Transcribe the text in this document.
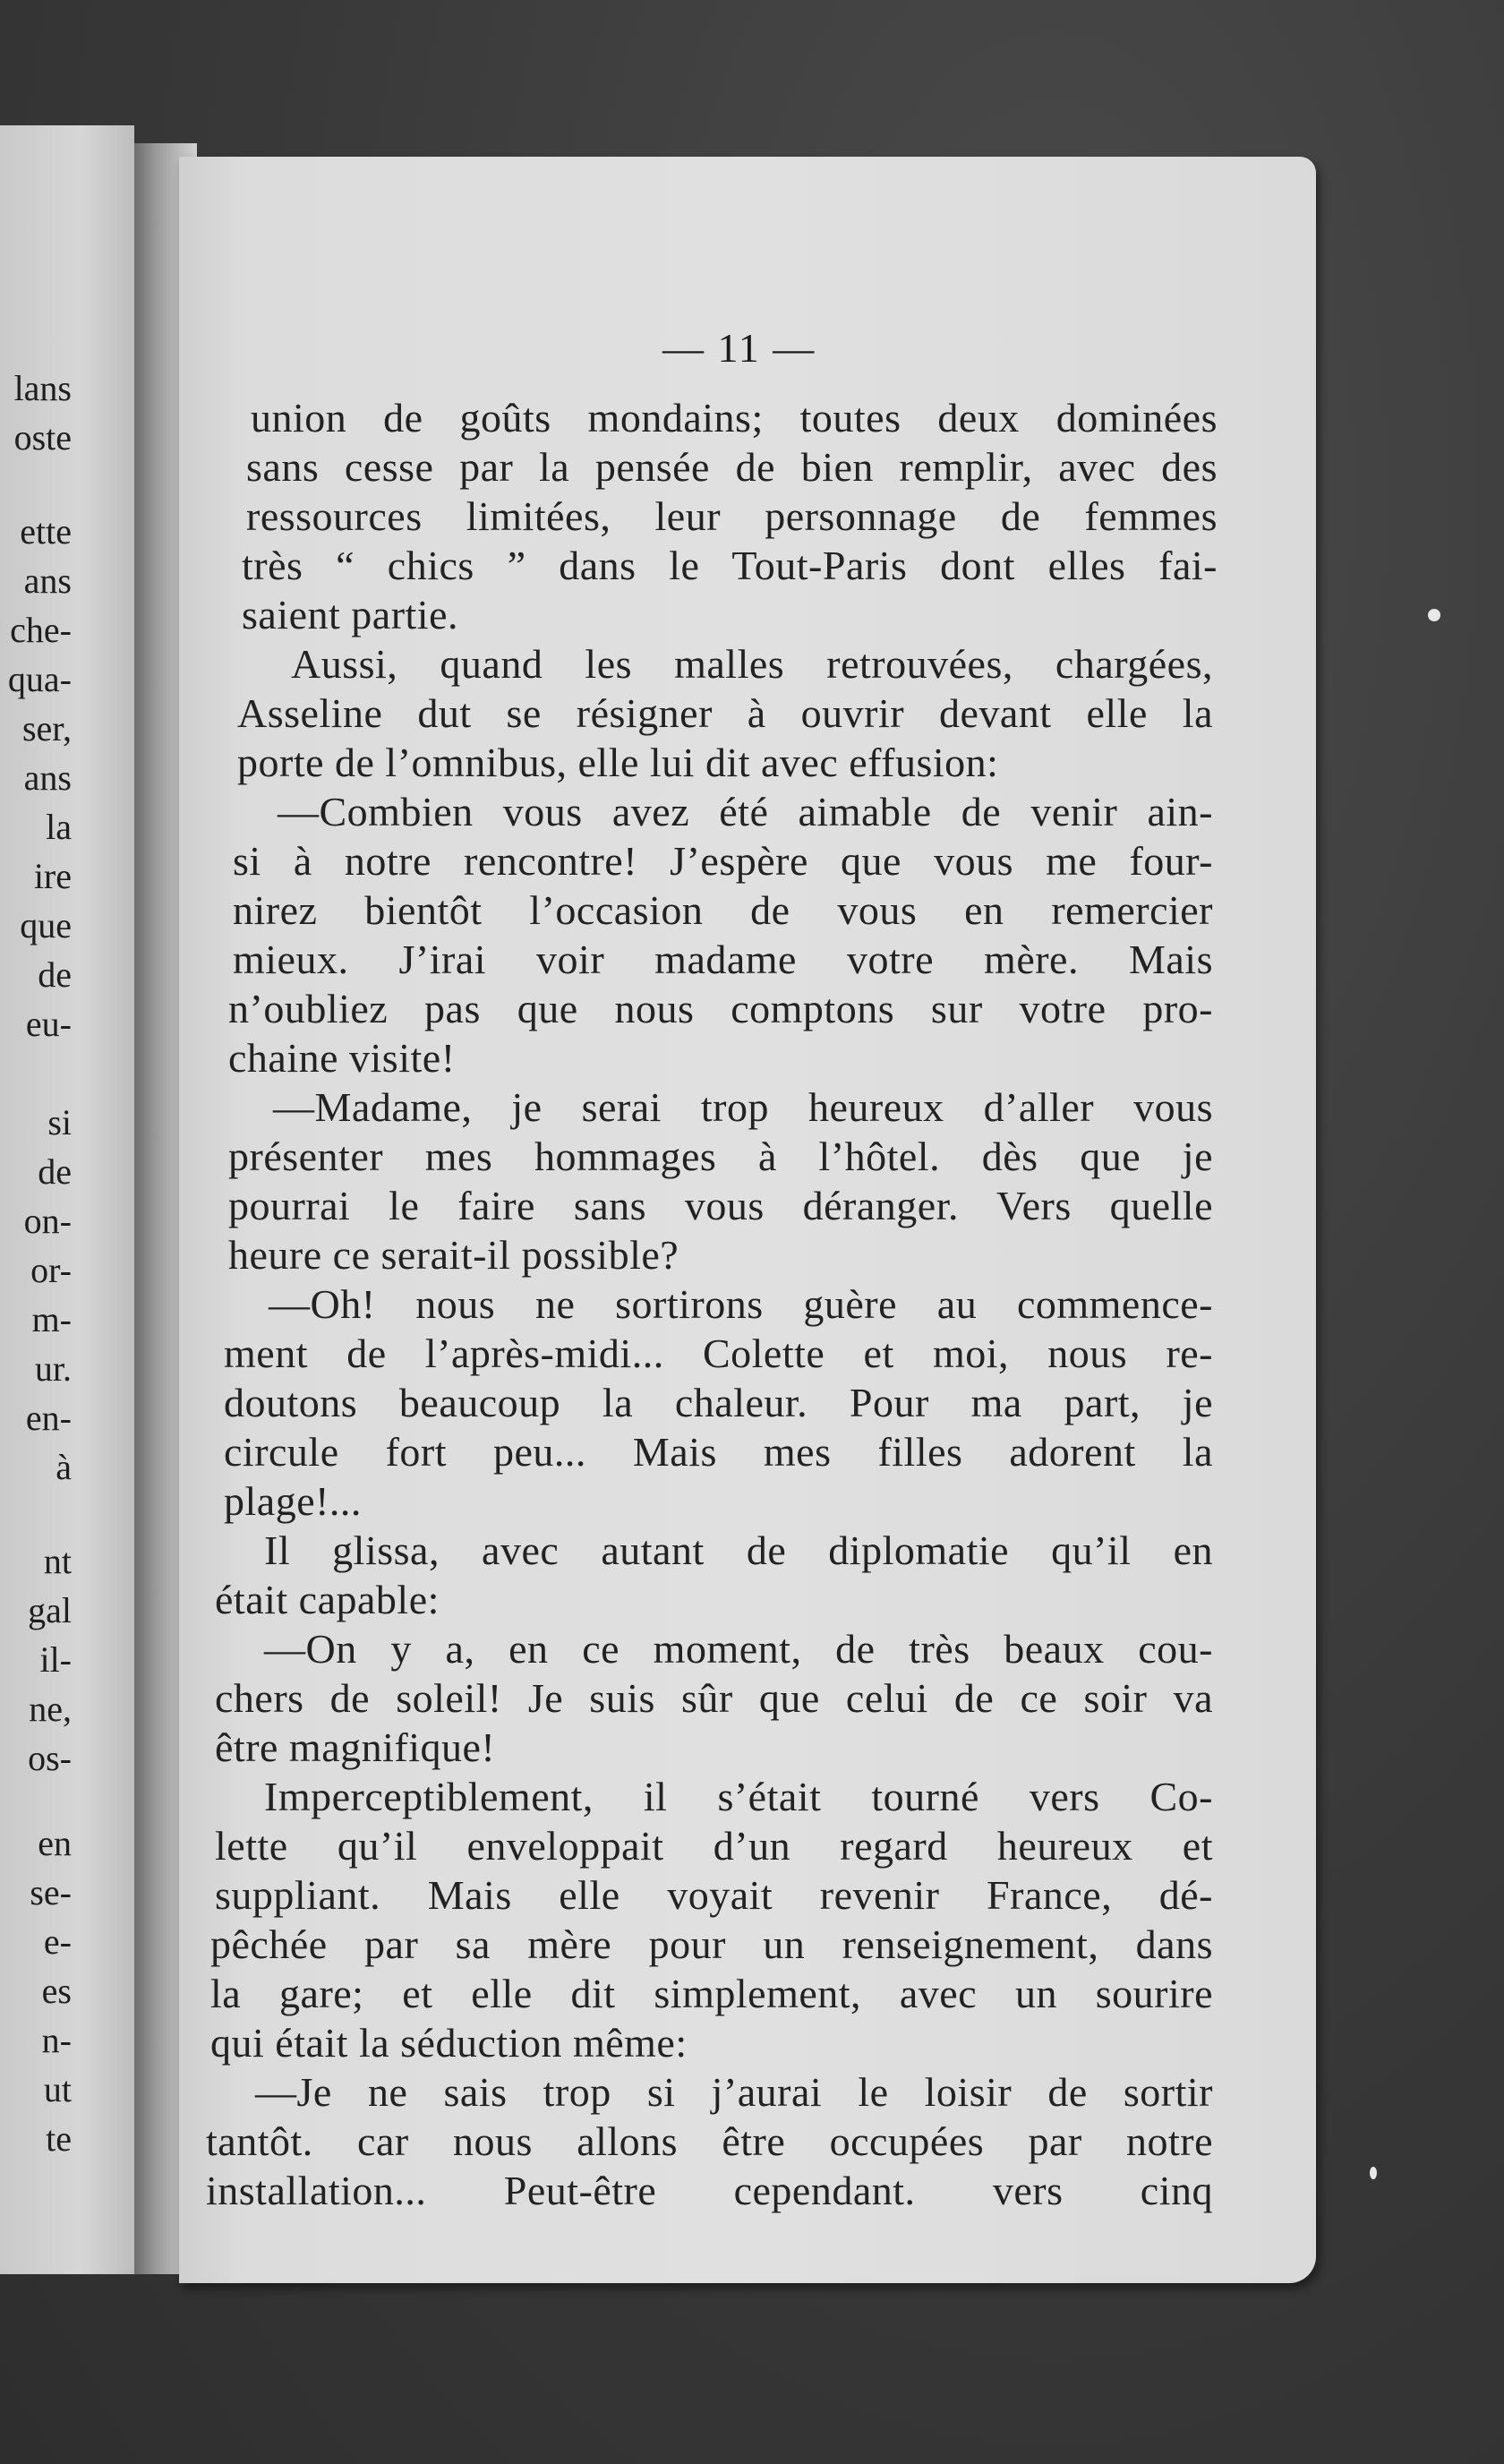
lans
oste
ette
ans
che-
qua-
ser,
ans
la
ire
que
de
eu-
si
de
on-
or-
m-
ur.
en-
à
nt
gal
il-
ne,
os-
en
se-
e-
es
n-
ut
te
— 11 —
union de goûts mondains; toutes deux dominées
sans cesse par la pensée de bien remplir, avec des
ressources limitées, leur personnage de femmes
très “ chics ” dans le Tout-Paris dont elles fai-
saient partie.
Aussi, quand les malles retrouvées, chargées,
Asseline dut se résigner à ouvrir devant elle la
porte de l’omnibus, elle lui dit avec effusion:
—Combien vous avez été aimable de venir ain-
si à notre rencontre! J’espère que vous me four-
nirez bientôt l’occasion de vous en remercier
mieux. J’irai voir madame votre mère. Mais
n’oubliez pas que nous comptons sur votre pro-
chaine visite!
—Madame, je serai trop heureux d’aller vous
présenter mes hommages à l’hôtel. dès que je
pourrai le faire sans vous déranger. Vers quelle
heure ce serait-il possible?
—Oh! nous ne sortirons guère au commence-
ment de l’après-midi... Colette et moi, nous re-
doutons beaucoup la chaleur. Pour ma part, je
circule fort peu... Mais mes filles adorent la
plage!...
Il glissa, avec autant de diplomatie qu’il en
était capable:
—On y a, en ce moment, de très beaux cou-
chers de soleil! Je suis sûr que celui de ce soir va
être magnifique!
Imperceptiblement, il s’était tourné vers Co-
lette qu’il enveloppait d’un regard heureux et
suppliant. Mais elle voyait revenir France, dé-
pêchée par sa mère pour un renseignement, dans
la gare; et elle dit simplement, avec un sourire
qui était la séduction même:
—Je ne sais trop si j’aurai le loisir de sortir
tantôt. car nous allons être occupées par notre
installation... Peut-être cependant. vers cinq
